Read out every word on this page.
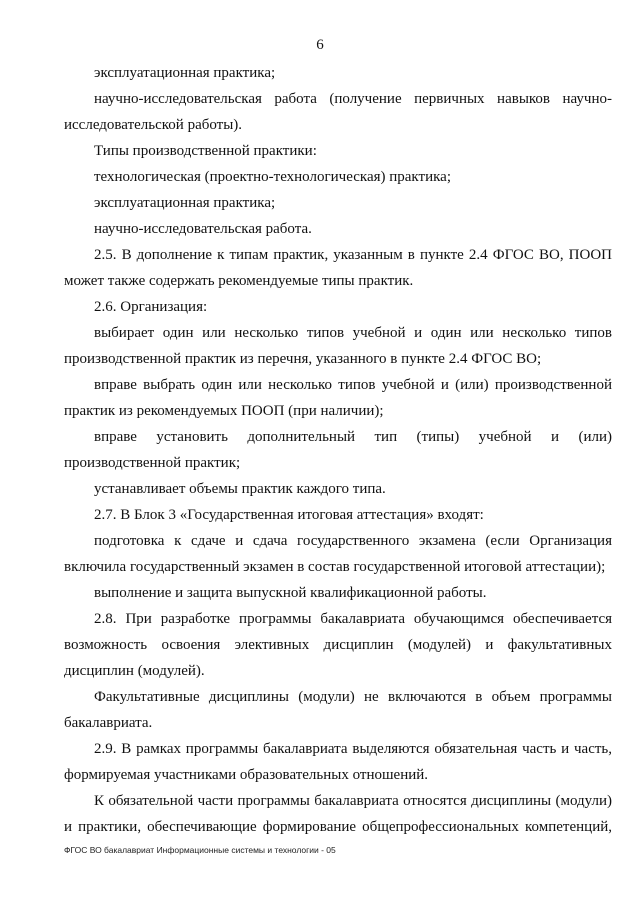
6

эксплуатационная практика;

научно-исследовательская работа (получение первичных навыков научно-исследовательской работы).

Типы производственной практики:

технологическая (проектно-технологическая) практика;

эксплуатационная практика;

научно-исследовательская работа.

2.5. В дополнение к типам практик, указанным в пункте 2.4 ФГОС ВО, ПООП может также содержать рекомендуемые типы практик.

2.6. Организация:

выбирает один или несколько типов учебной и один или несколько типов производственной практик из перечня, указанного в пункте 2.4 ФГОС ВО;

вправе выбрать один или несколько типов учебной и (или) производственной практик из рекомендуемых ПООП (при наличии);

вправе установить дополнительный тип (типы) учебной и (или) производственной практик;

устанавливает объемы практик каждого типа.

2.7. В Блок 3 «Государственная итоговая аттестация» входят:

подготовка к сдаче и сдача государственного экзамена (если Организация включила государственный экзамен в состав государственной итоговой аттестации);

выполнение и защита выпускной квалификационной работы.

2.8. При разработке программы бакалавриата обучающимся обеспечивается возможность освоения элективных дисциплин (модулей) и факультативных дисциплин (модулей).

Факультативные дисциплины (модули) не включаются в объем программы бакалавриата.

2.9. В рамках программы бакалавриата выделяются обязательная часть и часть, формируемая участниками образовательных отношений.

К обязательной части программы бакалавриата относятся дисциплины (модули) и практики, обеспечивающие формирование общепрофессиональных компетенций,

ФГОС ВО бакалавриат Информационные системы и технологии - 05
